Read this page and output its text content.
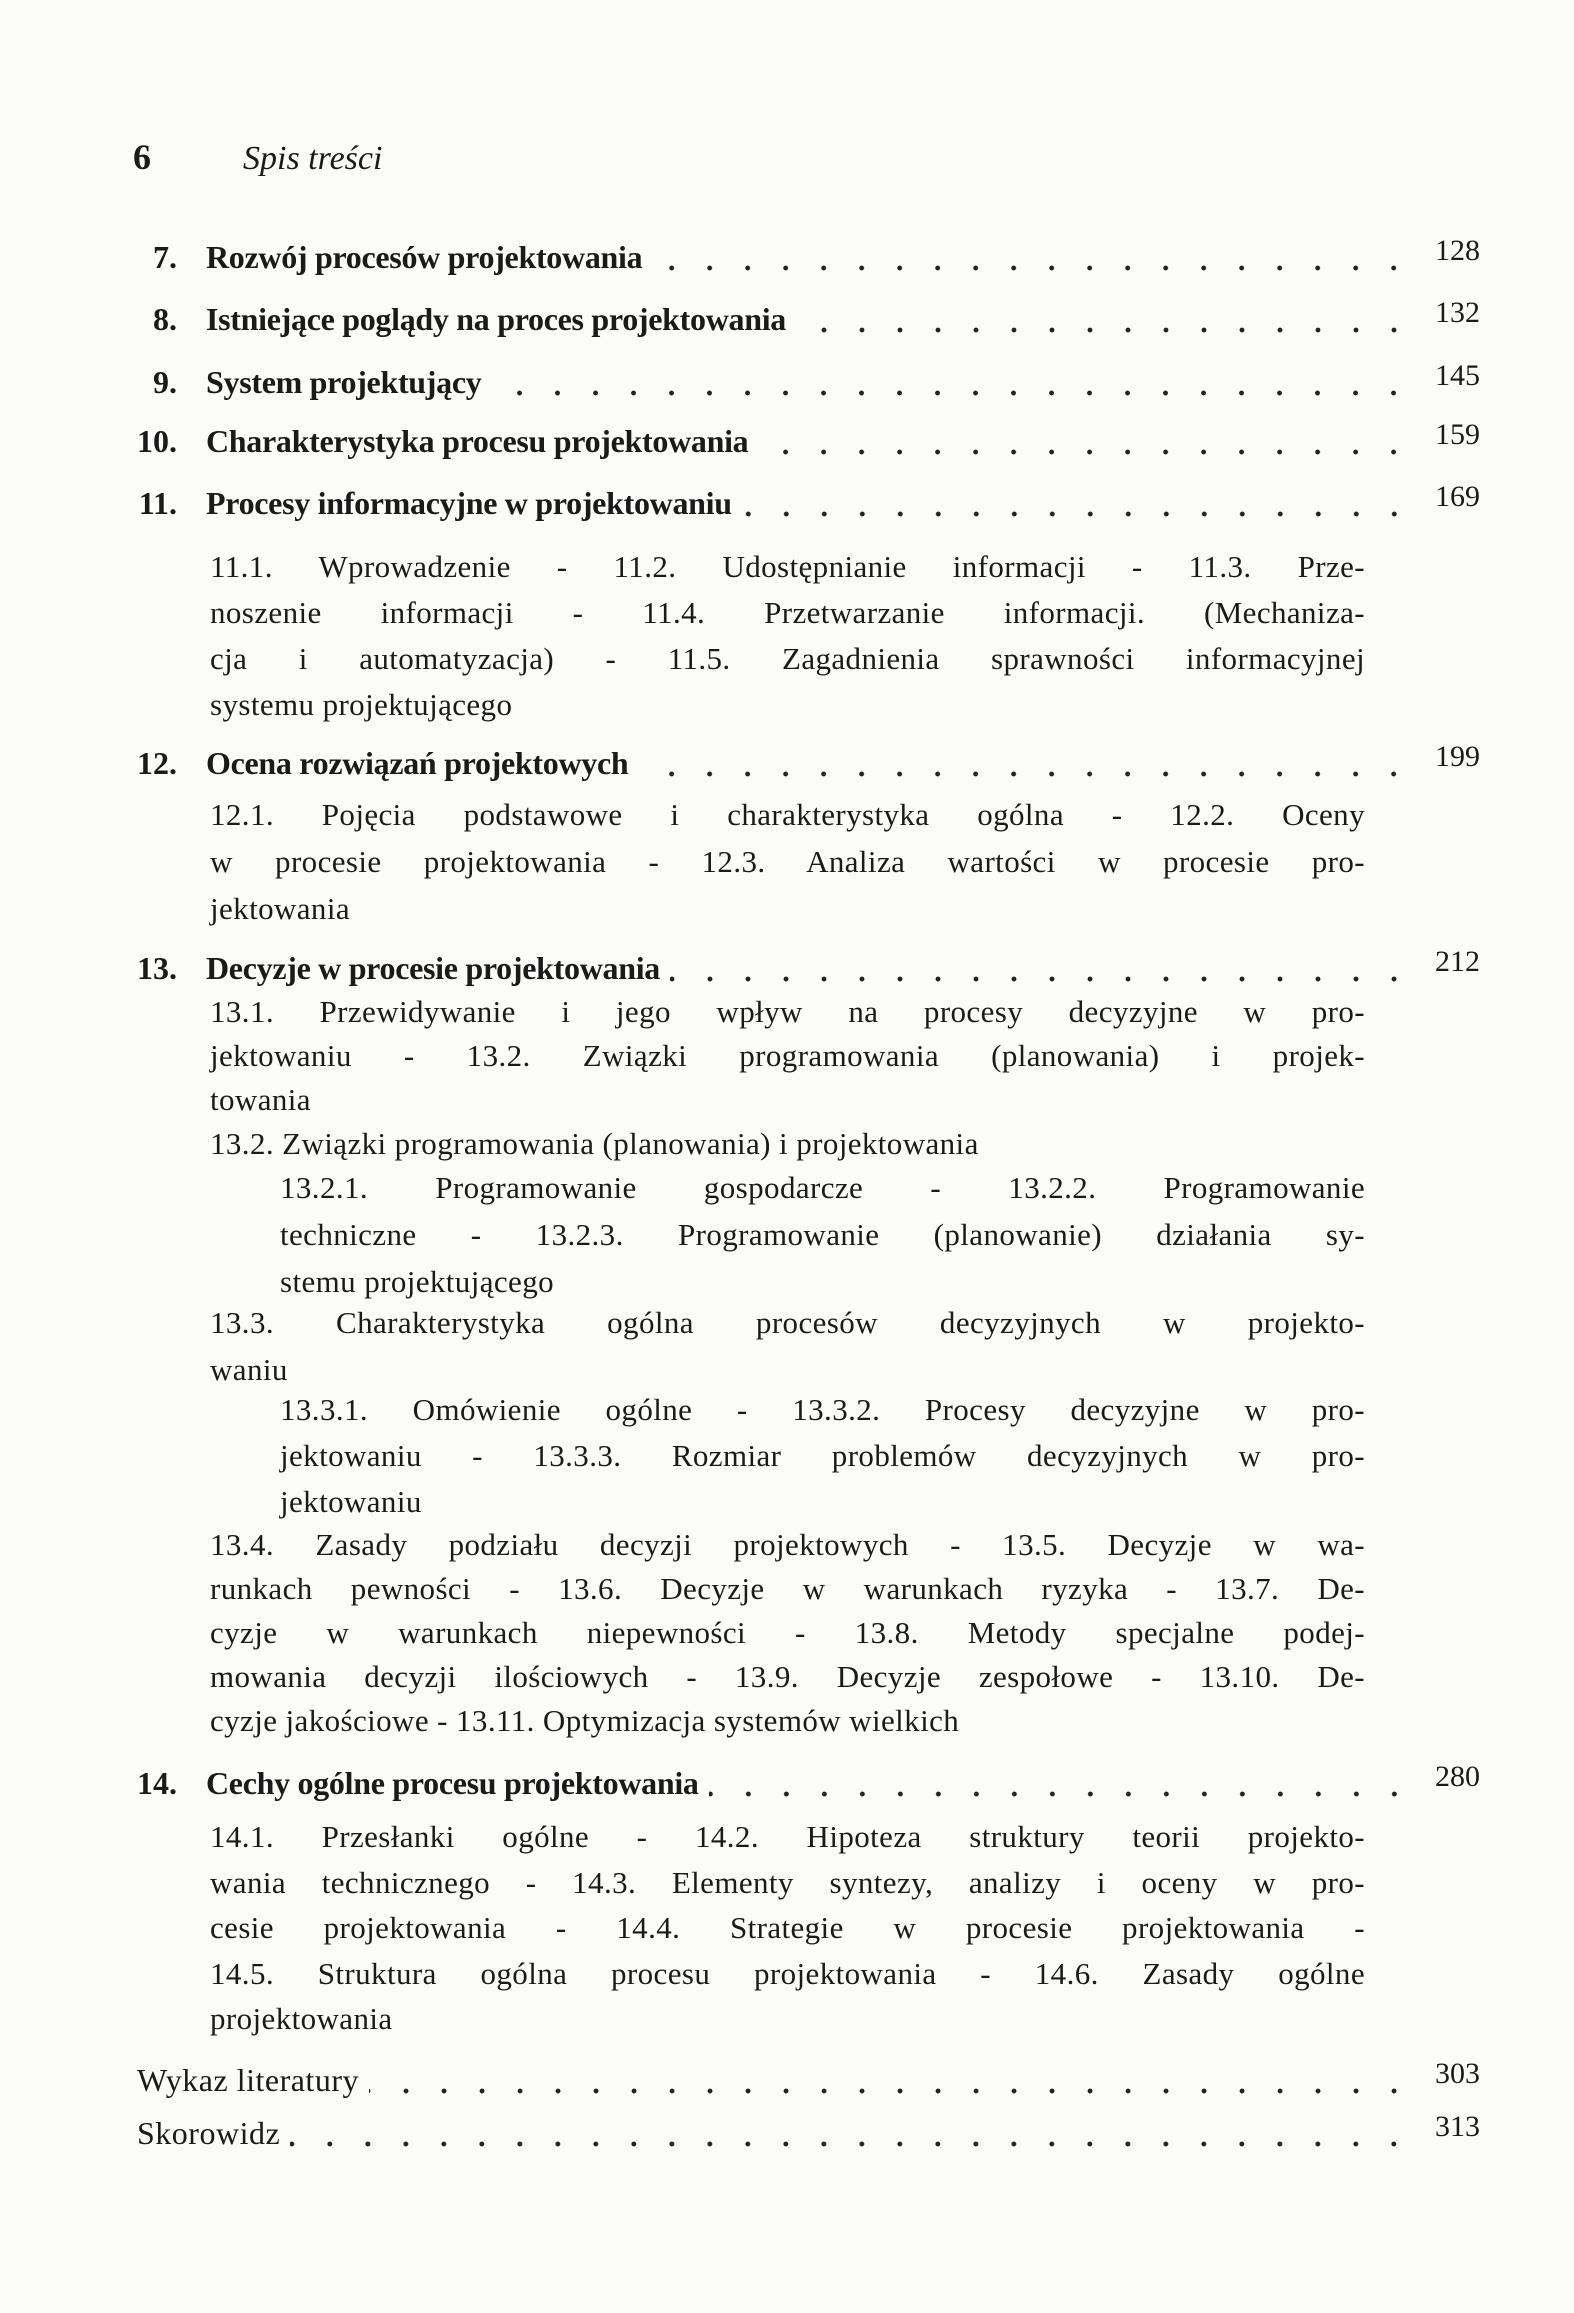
6	Spis treści
7. Rozwój procesów projektowania	128
8. Istniejące poglądy na proces projektowania	132
9. System projektujący	145
10. Charakterystyka procesu projektowania	159
11. Procesy informacyjne w projektowaniu	169
11.1. Wprowadzenie - 11.2. Udostępnianie informacji - 11.3. Prze-
noszenie informacji - 11.4. Przetwarzanie informacji. (Mechaniza-
cja i automatyzacja) - 11.5. Zagadnienia sprawności informacyjnej
systemu projektującego
12. Ocena rozwiązań projektowych	199
12.1. Pojęcia podstawowe i charakterystyka ogólna - 12.2. Oceny
w procesie projektowania - 12.3. Analiza wartości w procesie pro-
jektowania
13. Decyzje w procesie projektowania	212
13.1. Przewidywanie i jego wpływ na procesy decyzyjne w pro-
jektowaniu - 13.2. Związki programowania (planowania) i projek-
towania
13.2. Związki programowania (planowania) i projektowania
13.2.1. Programowanie gospodarcze - 13.2.2. Programowanie
techniczne - 13.2.3. Programowanie (planowanie) działania sy-
stemu projektującego
13.3. Charakterystyka ogólna procesów decyzyjnych w projekto-
waniu
13.3.1. Omówienie ogólne - 13.3.2. Procesy decyzyjne w pro-
jektowaniu - 13.3.3. Rozmiar problemów decyzyjnych w pro-
jektowaniu
13.4. Zasady podziału decyzji projektowych - 13.5. Decyzje w wa-
runkach pewności - 13.6. Decyzje w warunkach ryzyka - 13.7. De-
cyzje w warunkach niepewności - 13.8. Metody specjalne podej-
mowania decyzji ilościowych - 13.9. Decyzje zespołowe - 13.10. De-
cyzje jakościowe - 13.11. Optymizacja systemów wielkich
14. Cechy ogólne procesu projektowania	280
14.1. Przesłanki ogólne - 14.2. Hipoteza struktury teorii projekto-
wania technicznego - 14.3. Elementy syntezy, analizy i oceny w pro-
cesie projektowania - 14.4. Strategie w procesie projektowania -
14.5. Struktura ogólna procesu projektowania - 14.6. Zasady ogólne
projektowania
Wykaz literatury	303
Skorowidz	313
